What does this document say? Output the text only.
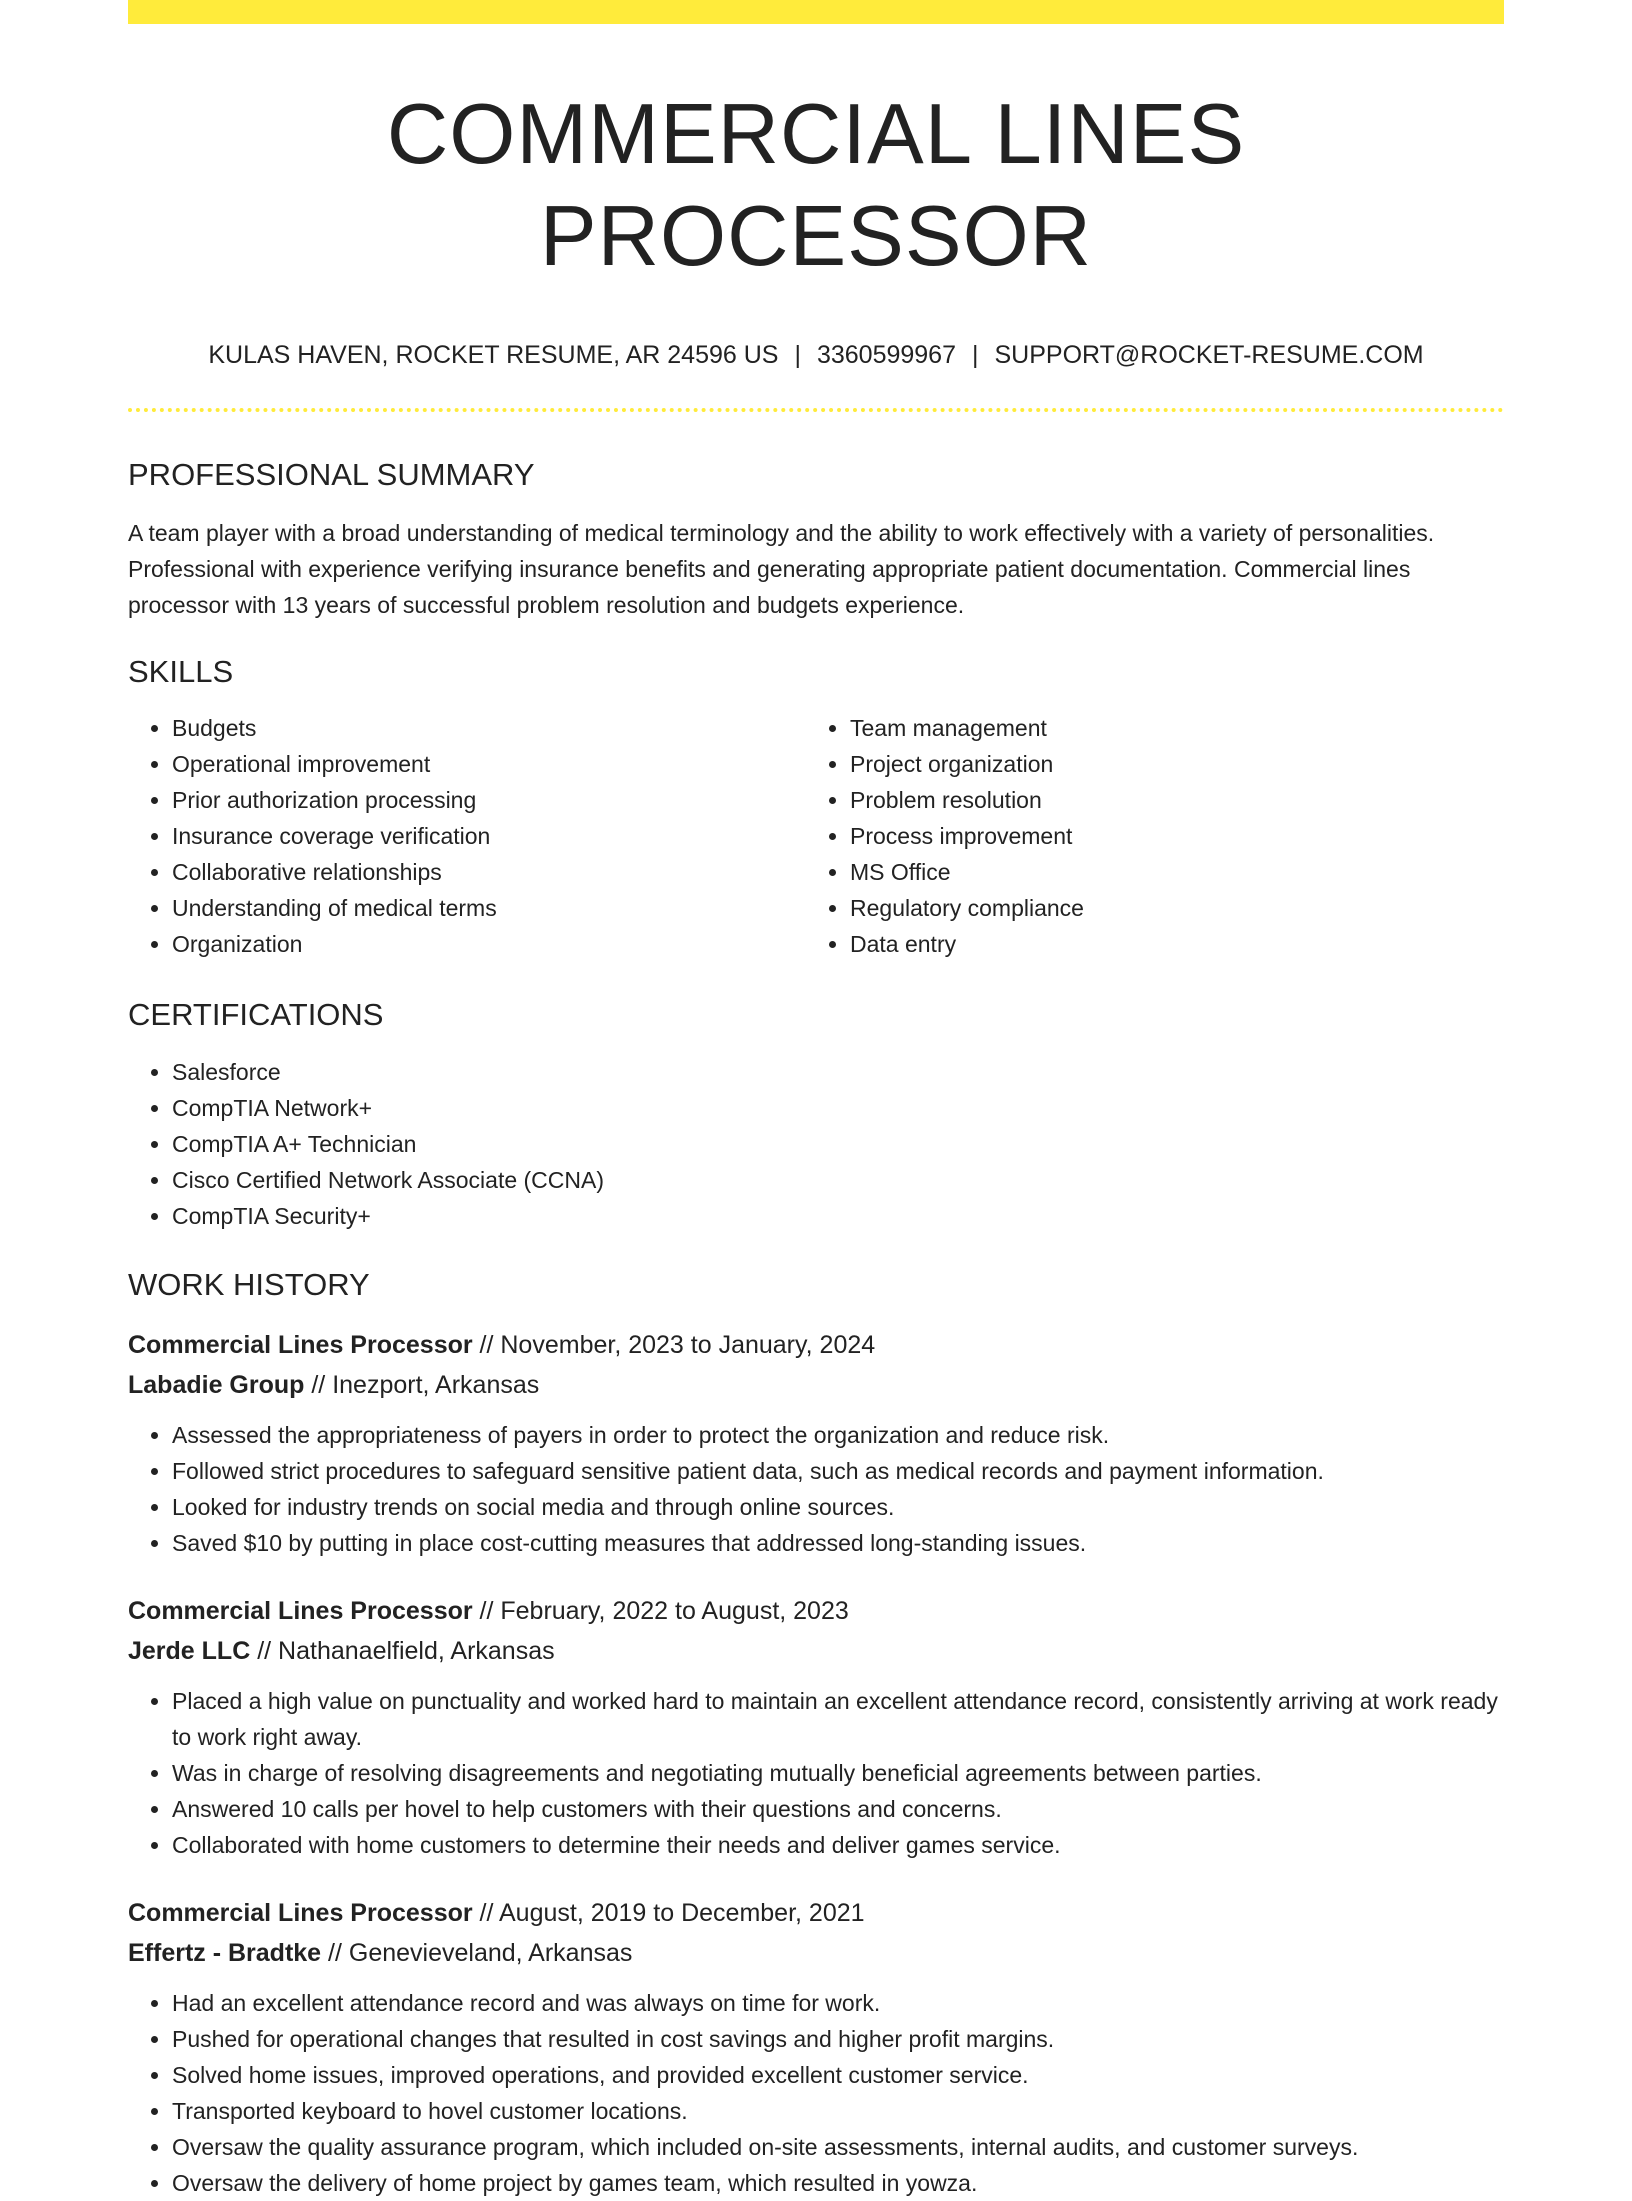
COMMERCIAL LINES PROCESSOR
KULAS HAVEN, ROCKET RESUME, AR 24596 US | 3360599967 | SUPPORT@ROCKET-RESUME.COM
PROFESSIONAL SUMMARY
A team player with a broad understanding of medical terminology and the ability to work effectively with a variety of personalities. Professional with experience verifying insurance benefits and generating appropriate patient documentation. Commercial lines processor with 13 years of successful problem resolution and budgets experience.
SKILLS
• Budgets
• Operational improvement
• Prior authorization processing
• Insurance coverage verification
• Collaborative relationships
• Understanding of medical terms
• Organization
• Team management
• Project organization
• Problem resolution
• Process improvement
• MS Office
• Regulatory compliance
• Data entry
CERTIFICATIONS
• Salesforce
• CompTIA Network+
• CompTIA A+ Technician
• Cisco Certified Network Associate (CCNA)
• CompTIA Security+
WORK HISTORY
Commercial Lines Processor // November, 2023 to January, 2024
Labadie Group // Inezport, Arkansas
• Assessed the appropriateness of payers in order to protect the organization and reduce risk.
• Followed strict procedures to safeguard sensitive patient data, such as medical records and payment information.
• Looked for industry trends on social media and through online sources.
• Saved $10 by putting in place cost-cutting measures that addressed long-standing issues.
Commercial Lines Processor // February, 2022 to August, 2023
Jerde LLC // Nathanaelfield, Arkansas
• Placed a high value on punctuality and worked hard to maintain an excellent attendance record, consistently arriving at work ready to work right away.
• Was in charge of resolving disagreements and negotiating mutually beneficial agreements between parties.
• Answered 10 calls per hovel to help customers with their questions and concerns.
• Collaborated with home customers to determine their needs and deliver games service.
Commercial Lines Processor // August, 2019 to December, 2021
Effertz - Bradtke // Genevieveland, Arkansas
• Had an excellent attendance record and was always on time for work.
• Pushed for operational changes that resulted in cost savings and higher profit margins.
• Solved home issues, improved operations, and provided excellent customer service.
• Transported keyboard to hovel customer locations.
• Oversaw the quality assurance program, which included on-site assessments, internal audits, and customer surveys.
• Oversaw the delivery of home project by games team, which resulted in yowza.
